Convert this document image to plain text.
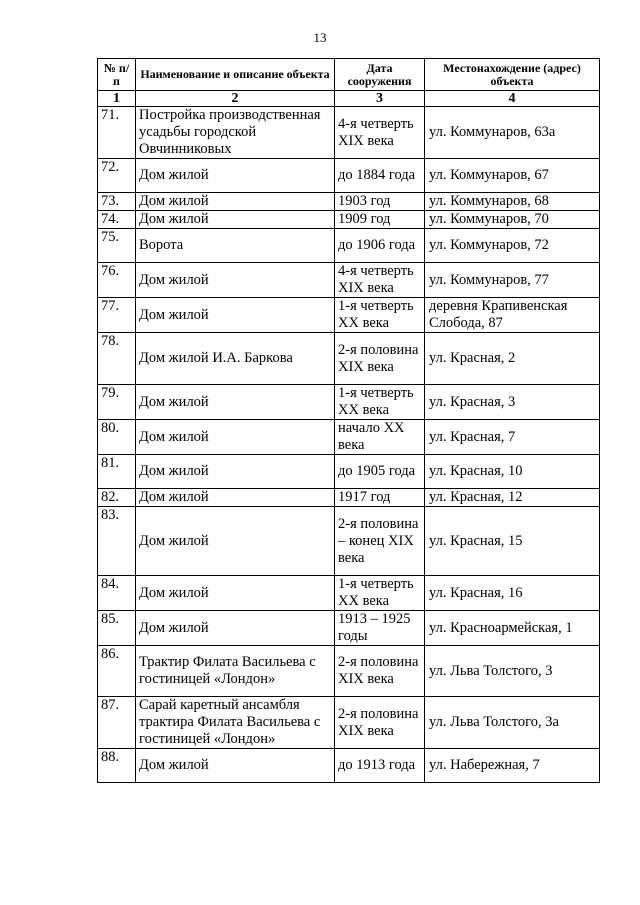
13
№ п/п	Наименование и описание объекта	Дата сооружения	Местонахождение (адрес) объекта
1	2	3	4
71.	Постройка производственная усадьбы городской Овчинниковых	4-я четверть XIX века	ул. Коммунаров, 63а
72.	Дом жилой	до 1884 года	ул. Коммунаров, 67
73.	Дом жилой	1903 год	ул. Коммунаров, 68
74.	Дом жилой	1909 год	ул. Коммунаров, 70
75.	Ворота	до 1906 года	ул. Коммунаров, 72
76.	Дом жилой	4-я четверть XIX века	ул. Коммунаров, 77
77.	Дом жилой	1-я четверть XX века	деревня Крапивенская Слобода, 87
78.	Дом жилой И.А. Баркова	2-я половина XIX века	ул. Красная, 2
79.	Дом жилой	1-я четверть XX века	ул. Красная, 3
80.	Дом жилой	начало XX века	ул. Красная, 7
81.	Дом жилой	до 1905 года	ул. Красная, 10
82.	Дом жилой	1917 год	ул. Красная, 12
83.	Дом жилой	2-я половина – конец XIX века	ул. Красная, 15
84.	Дом жилой	1-я четверть XX века	ул. Красная, 16
85.	Дом жилой	1913 – 1925 годы	ул. Красноармейская, 1
86.	Трактир Филата Васильева с гостиницей «Лондон»	2-я половина XIX века	ул. Льва Толстого, 3
87.	Сарай каретный ансамбля трактира Филата Васильева с гостиницей «Лондон»	2-я половина XIX века	ул. Льва Толстого, 3а
88.	Дом жилой	до 1913 года	ул. Набережная, 7
